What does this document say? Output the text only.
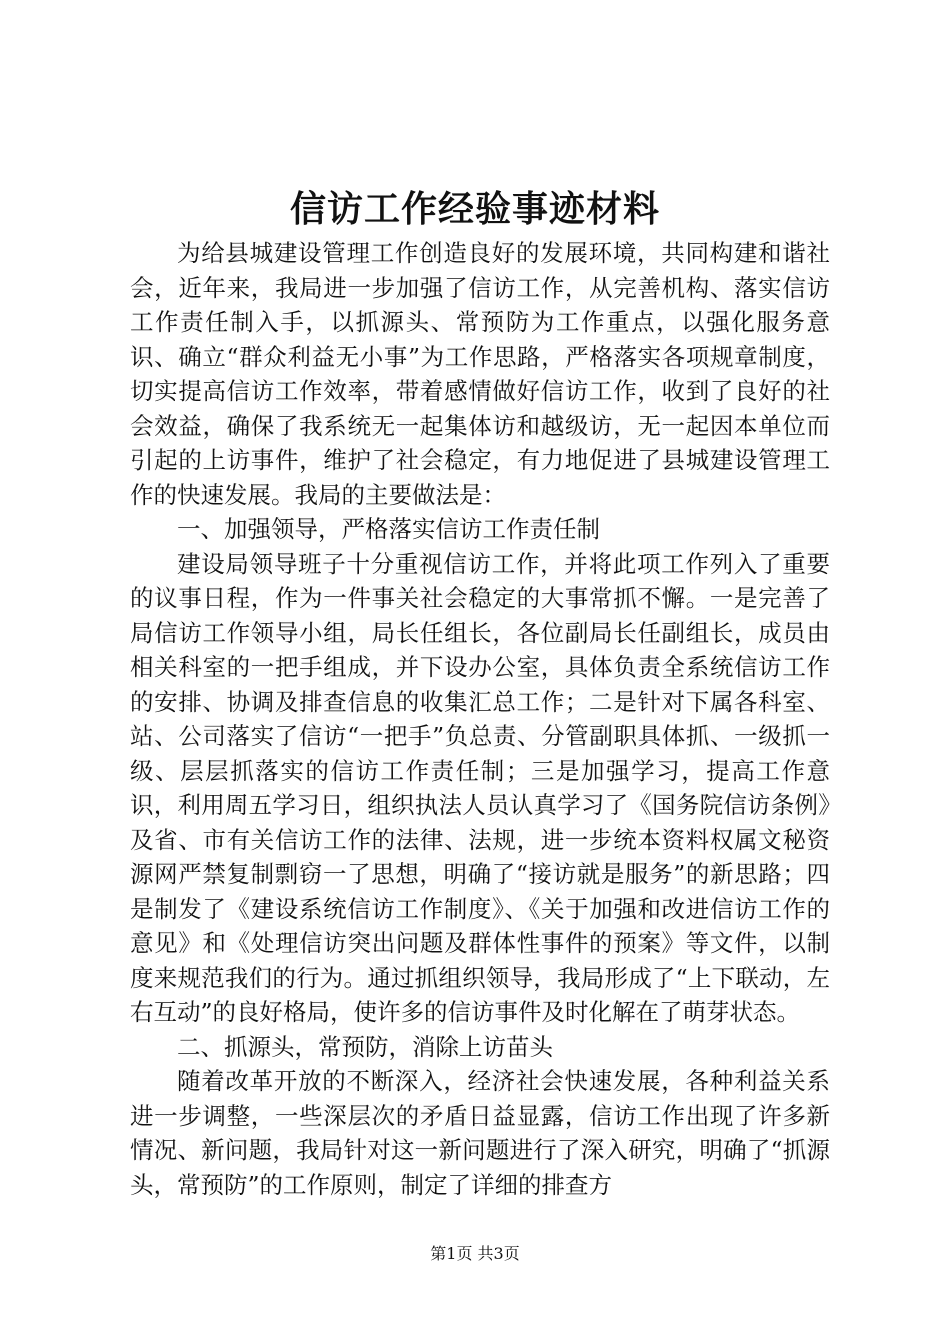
信访工作经验事迹材料

为给县城建设管理工作创造良好的发展环境，共同构建和谐社会，近年来，我局进一步加强了信访工作，从完善机构、落实信访工作责任制入手，以抓源头、常预防为工作重点，以强化服务意识、确立“群众利益无小事”为工作思路，严格落实各项规章制度，切实提高信访工作效率，带着感情做好信访工作，收到了良好的社会效益，确保了我系统无一起集体访和越级访，无一起因本单位而引起的上访事件，维护了社会稳定，有力地促进了县城建设管理工作的快速发展。我局的主要做法是：

一、加强领导，严格落实信访工作责任制

建设局领导班子十分重视信访工作，并将此项工作列入了重要的议事日程，作为一件事关社会稳定的大事常抓不懈。一是完善了局信访工作领导小组，局长任组长，各位副局长任副组长，成员由相关科室的一把手组成，并下设办公室，具体负责全系统信访工作的安排、协调及排查信息的收集汇总工作；二是针对下属各科室、站、公司落实了信访“一把手”负总责、分管副职具体抓、一级抓一级、层层抓落实的信访工作责任制；三是加强学习，提高工作意识，利用周五学习日，组织执法人员认真学习了《国务院信访条例》及省、市有关信访工作的法律、法规，进一步统本资料权属文秘资源网严禁复制剽窃一了思想，明确了“接访就是服务”的新思路；四是制发了《建设系统信访工作制度》、《关于加强和改进信访工作的意见》和《处理信访突出问题及群体性事件的预案》等文件，以制度来规范我们的行为。通过抓组织领导，我局形成了“上下联动，左右互动”的良好格局，使许多的信访事件及时化解在了萌芽状态。

二、抓源头，常预防，消除上访苗头

随着改革开放的不断深入，经济社会快速发展，各种利益关系进一步调整，一些深层次的矛盾日益显露，信访工作出现了许多新情况、新问题，我局针对这一新问题进行了深入研究，明确了“抓源头，常预防”的工作原则，制定了详细的排查方

第1页 共3页
